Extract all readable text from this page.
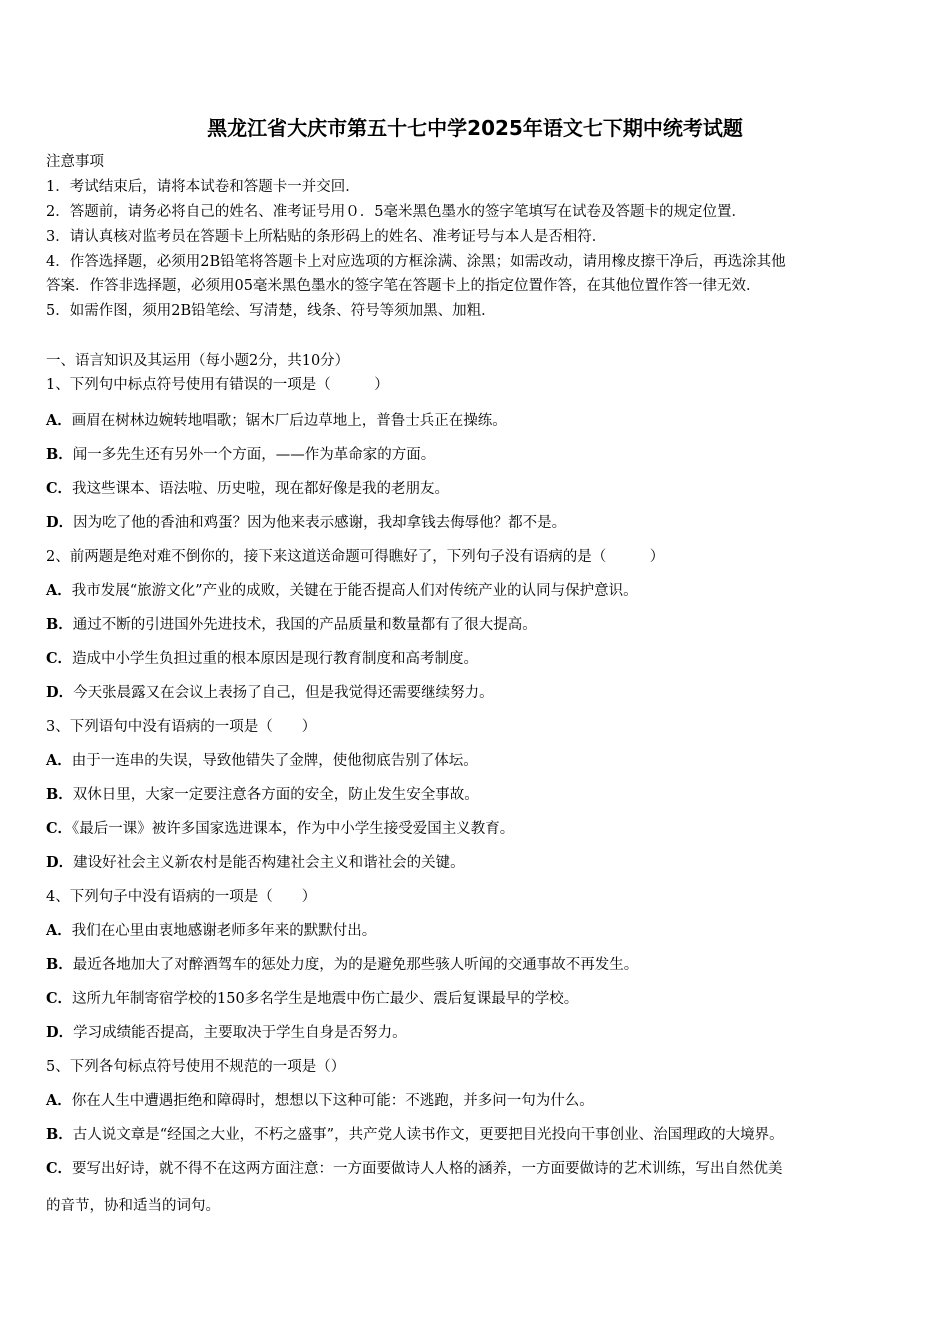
黑龙江省大庆市第五十七中学2025年语文七下期中统考试题
注意事项
1．考试结束后，请将本试卷和答题卡一并交回．
2．答题前，请务必将自己的姓名、准考证号用０．5毫米黑色墨水的签字笔填写在试卷及答题卡的规定位置．
3．请认真核对监考员在答题卡上所粘贴的条形码上的姓名、准考证号与本人是否相符．
4．作答选择题，必须用2B铅笔将答题卡上对应选项的方框涂满、涂黑；如需改动，请用橡皮擦干净后，再选涂其他
答案．作答非选择题，必须用05毫米黑色墨水的签字笔在答题卡上的指定位置作答，在其他位置作答一律无效．
5．如需作图，须用2B铅笔绘、写清楚，线条、符号等须加黑、加粗．
一、语言知识及其运用（每小题2分，共10分）
1、下列句中标点符号使用有错误的一项是（　　　）
A．画眉在树林边婉转地唱歌；锯木厂后边草地上，普鲁士兵正在操练。
B．闻一多先生还有另外一个方面，——作为革命家的方面。
C．我这些课本、语法啦、历史啦，现在都好像是我的老朋友。
D．因为吃了他的香油和鸡蛋？因为他来表示感谢，我却拿钱去侮辱他？都不是。
2、前两题是绝对难不倒你的，接下来这道送命题可得瞧好了，下列句子没有语病的是（　　　）
A．我市发展“旅游文化”产业的成败，关键在于能否提高人们对传统产业的认同与保护意识。
B．通过不断的引进国外先进技术，我国的产品质量和数量都有了很大提高。
C．造成中小学生负担过重的根本原因是现行教育制度和高考制度。
D．今天张晨露又在会议上表扬了自己，但是我觉得还需要继续努力。
3、下列语句中没有语病的一项是（　　）
A．由于一连串的失误，导致他错失了金牌，使他彻底告别了体坛。
B．双休日里，大家一定要注意各方面的安全，防止发生安全事故。
C．《最后一课》被许多国家选进课本，作为中小学生接受爱国主义教育。
D．建设好社会主义新农村是能否构建社会主义和谐社会的关键。
4、下列句子中没有语病的一项是（　　）
A．我们在心里由衷地感谢老师多年来的默默付出。
B．最近各地加大了对醉酒驾车的惩处力度，为的是避免那些骇人听闻的交通事故不再发生。
C．这所九年制寄宿学校的150多名学生是地震中伤亡最少、震后复课最早的学校。
D．学习成绩能否提高，主要取决于学生自身是否努力。
5、下列各句标点符号使用不规范的一项是（）
A．你在人生中遭遇拒绝和障碍时，想想以下这种可能：不逃跑，并多问一句为什么。
B．古人说文章是“经国之大业，不朽之盛事”，共产党人读书作文，更要把目光投向干事创业、治国理政的大境界。
C．要写出好诗，就不得不在这两方面注意：一方面要做诗人人格的涵养，一方面要做诗的艺术训练，写出自然优美
的音节，协和适当的词句。
